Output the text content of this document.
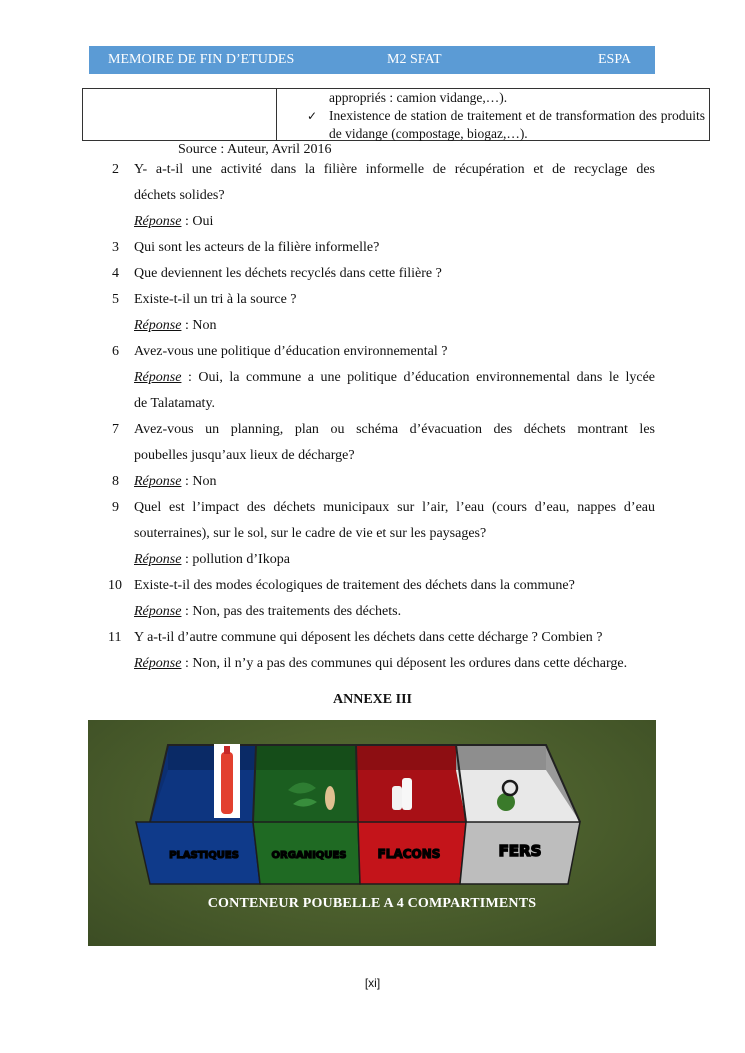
MEMOIRE DE FIN D’ETUDES	M2 SFAT	ESPA
appropriés : camion vidange,…).
✓ Inexistence de station de traitement et de transformation des produits de vidange (compostage, biogaz,…).
Source : Auteur, Avril 2016
2 Y- a-t-il une activité dans la filière informelle de récupération et de recyclage des
déchets solides?
Réponse : Oui
3 Qui sont les acteurs de la filière informelle?
4 Que deviennent les déchets recyclés dans cette filière ?
5 Existe-t-il un tri à la source ?
Réponse : Non
6 Avez-vous une politique d’éducation environnemental ?
Réponse : Oui, la commune a une politique d’éducation environnemental dans le lycée
de Talatamaty.
7 Avez-vous un planning, plan ou schéma d’évacuation des déchets montrant les
poubelles jusqu’aux lieux de décharge?
8 Réponse : Non
9 Quel est l’impact des déchets municipaux sur l’air, l’eau (cours d’eau, nappes d’eau
souterraines), sur le sol, sur le cadre de vie et sur les paysages?
Réponse : pollution d’Ikopa
10 Existe-t-il des modes écologiques de traitement des déchets dans la commune?
Réponse : Non, pas des traitements des déchets.
11 Y a-t-il d’autre commune qui déposent les déchets dans cette décharge ? Combien ?
Réponse : Non, il n’y a pas des communes qui déposent les ordures dans cette décharge.
ANNEXE III
PLASTIQUES	ORGANIQUES	FLACONS	FERS
CONTENEUR POUBELLE A 4 COMPARTIMENTS
[xi]
